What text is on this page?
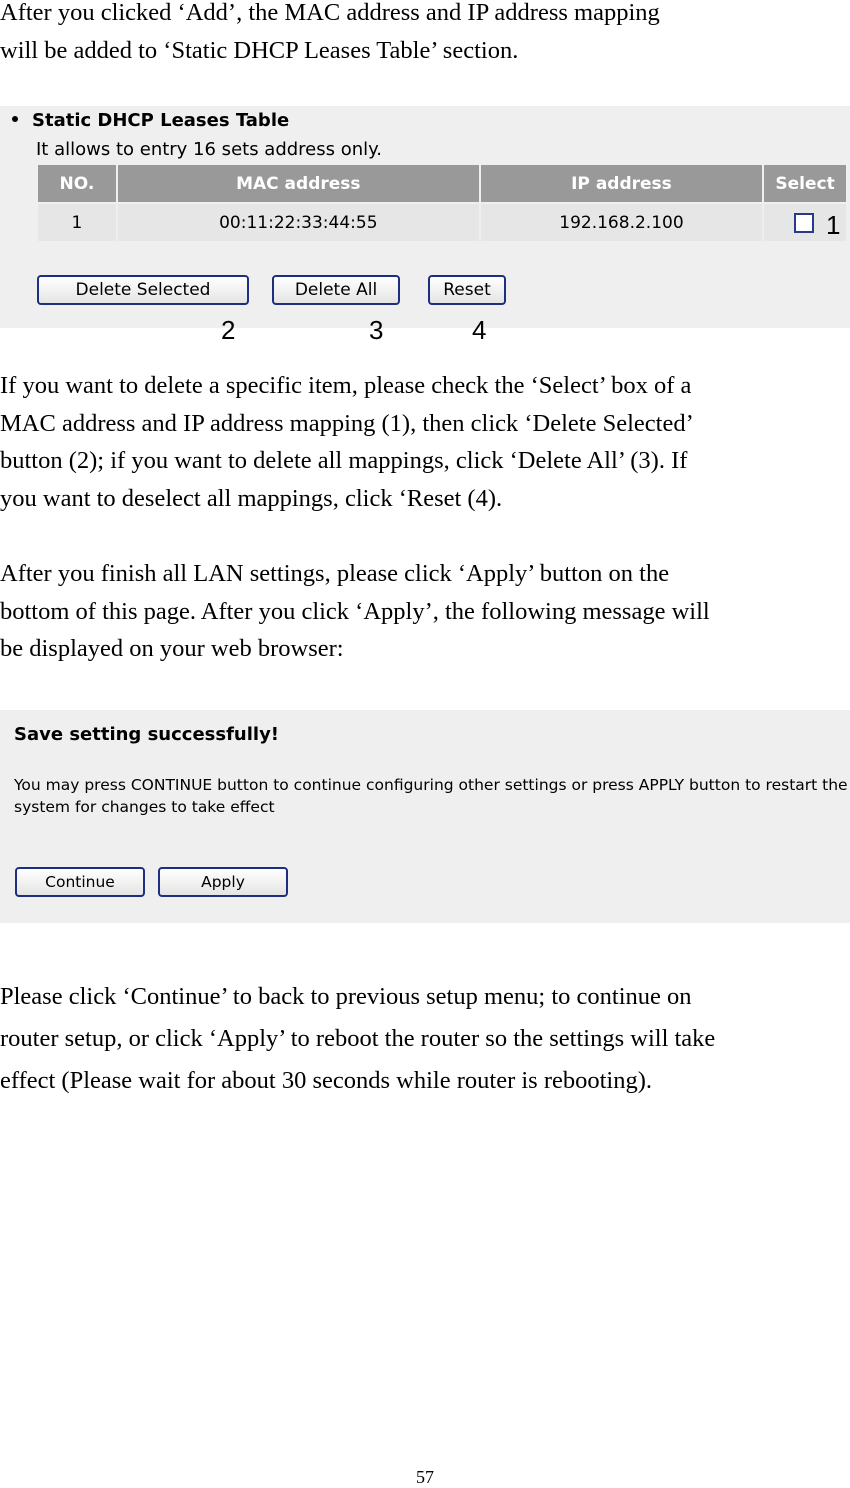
After you clicked ‘Add’, the MAC address and IP address mapping
will be added to ‘Static DHCP Leases Table’ section.

Static DHCP Leases Table
It allows to entry 16 sets address only.
NO.	MAC address	IP address	Select
1	00:11:22:33:44:55	192.168.2.100	
Delete Selected	Delete All	Reset
1
2	3	4

If you want to delete a specific item, please check the ‘Select’ box of a
MAC address and IP address mapping (1), then click ‘Delete Selected’
button (2); if you want to delete all mappings, click ‘Delete All’ (3). If
you want to deselect all mappings, click ‘Reset (4).

After you finish all LAN settings, please click ‘Apply’ button on the
bottom of this page. After you click ‘Apply’, the following message will
be displayed on your web browser:

Save setting successfully!
You may press CONTINUE button to continue configuring other settings or press APPLY button to restart the
system for changes to take effect
Continue	Apply

Please click ‘Continue’ to back to previous setup menu; to continue on
router setup, or click ‘Apply’ to reboot the router so the settings will take
effect (Please wait for about 30 seconds while router is rebooting).

57
